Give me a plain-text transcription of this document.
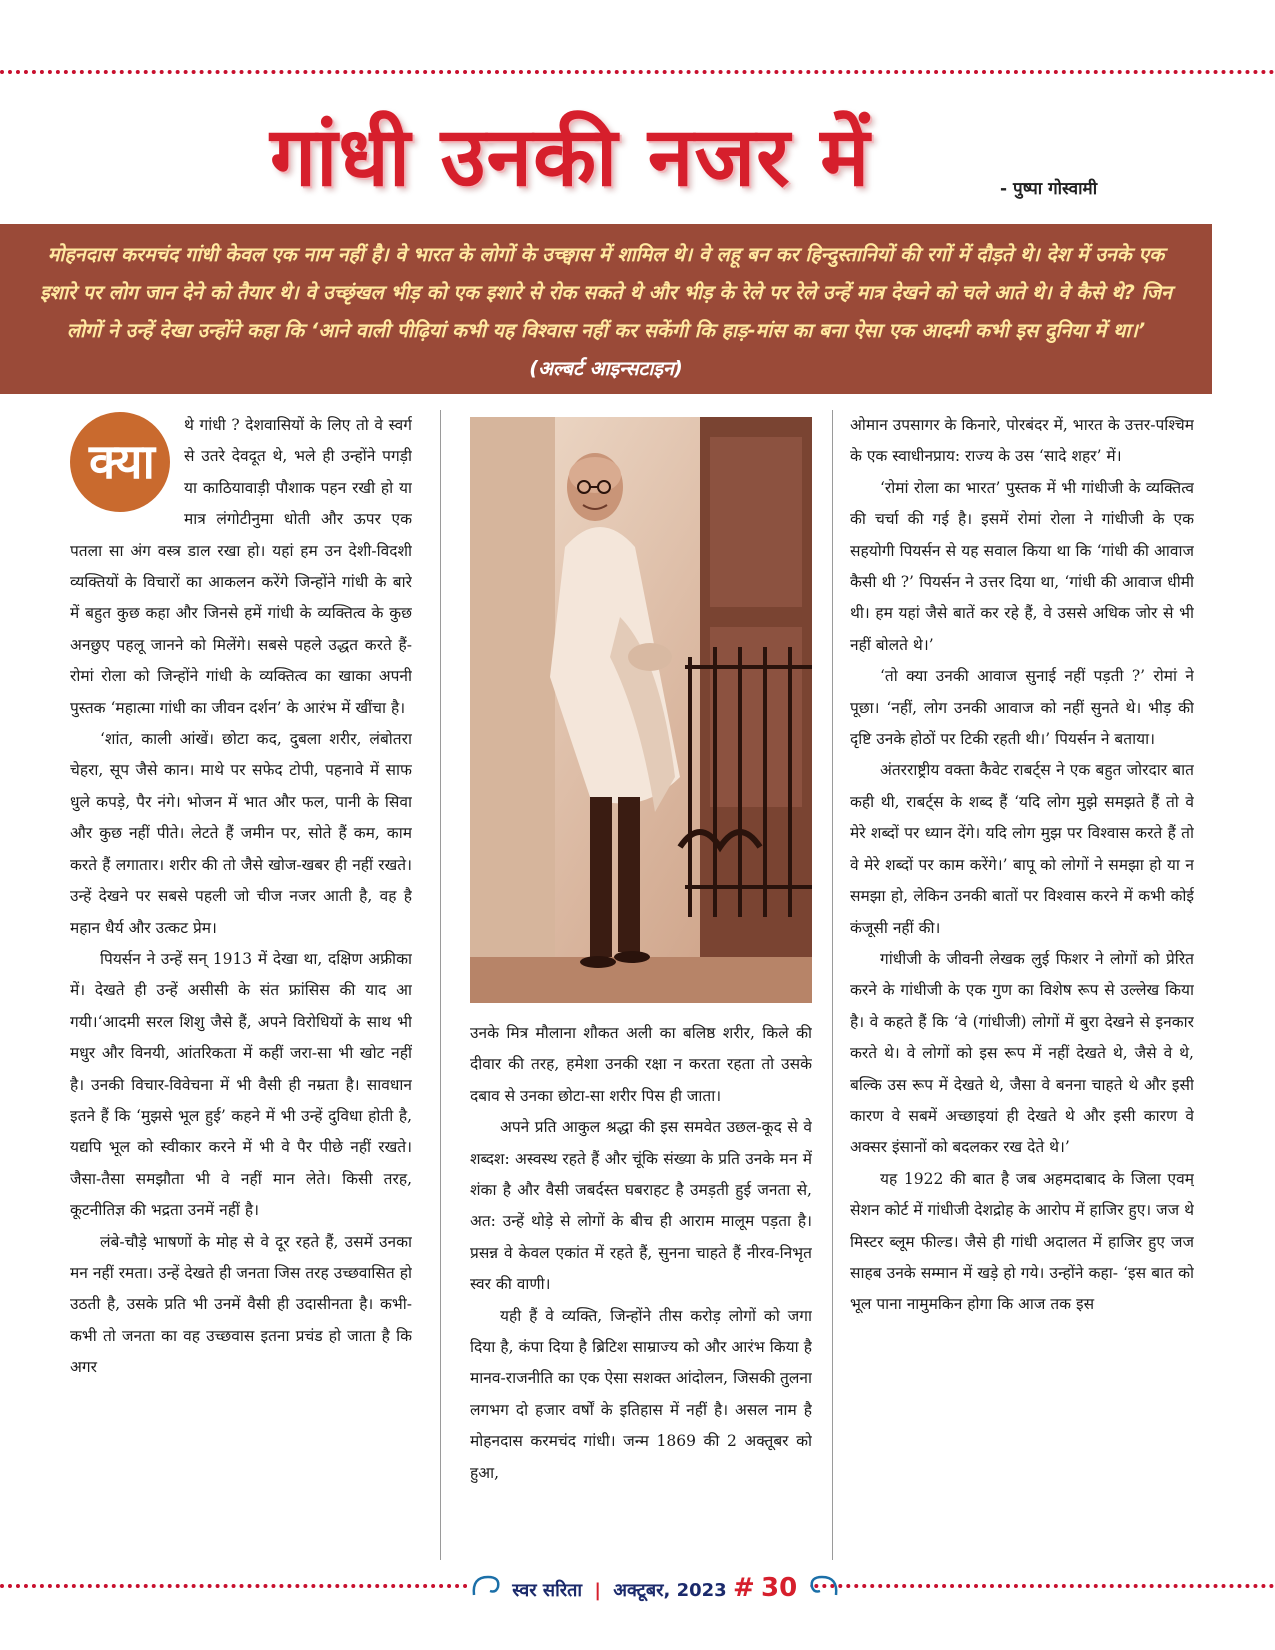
गांधी उनकी नजर में	- पुष्पा गोस्वामी

मोहनदास करमचंद गांधी केवल एक नाम नहीं है। वे भारत के लोगों के उच्छ्वास में शामिल थे। वे लहू बन कर हिन्दुस्तानियों की रगों में दौड़ते थे। देश में उनके एक इशारे पर लोग जान देने को तैयार थे। वे उच्छृंखल भीड़ को एक इशारे से रोक सकते थे और भीड़ के रेले पर रेले उन्हें मात्र देखने को चले आते थे। वे कैसे थे? जिन लोगों ने उन्हें देखा उन्होंने कहा कि ‘आने वाली पीढ़ियां कभी यह विश्वास नहीं कर सकेंगी कि हाड़-मांस का बना ऐसा एक आदमी कभी इस दुनिया में था।’ (अल्बर्ट आइन्सटाइन)

क्या

थे गांधी ? देशवासियों के लिए तो वे स्वर्ग से उतरे देवदूत थे, भले ही उन्होंने पगड़ी या काठियावाड़ी पौशाक पहन रखी हो या मात्र लंगोटीनुमा धोती और ऊपर एक पतला सा अंग वस्त्र डाल रखा हो। यहां हम उन देशी-विदशी व्यक्तियों के विचारों का आकलन करेंगे जिन्होंने गांधी के बारे में बहुत कुछ कहा और जिनसे हमें गांधी के व्यक्तित्व के कुछ अनछुए पहलू जानने को मिलेंगे। सबसे पहले उद्धत करते हैं- रोमां रोला को जिन्होंने गांधी के व्यक्तित्व का खाका अपनी पुस्तक ‘महात्मा गांधी का जीवन दर्शन’ के आरंभ में खींचा है।

‘शांत, काली आंखें। छोटा कद, दुबला शरीर, लंबोतरा चेहरा, सूप जैसे कान। माथे पर सफेद टोपी, पहनावे में साफ धुले कपड़े, पैर नंगे। भोजन में भात और फल, पानी के सिवा और कुछ नहीं पीते। लेटते हैं जमीन पर, सोते हैं कम, काम करते हैं लगातार। शरीर की तो जैसे खोज-खबर ही नहीं रखते। उन्हें देखने पर सबसे पहली जो चीज नजर आती है, वह है महान धैर्य और उत्कट प्रेम।

पियर्सन ने उन्हें सन् 1913 में देखा था, दक्षिण अफ्रीका में। देखते ही उन्हें असीसी के संत फ्रांसिस की याद आ गयी।‘आदमी सरल शिशु जैसे हैं, अपने विरोधियों के साथ भी मधुर और विनयी, आंतरिकता में कहीं जरा-सा भी खोट नहीं है। उनकी विचार-विवेचना में भी वैसी ही नम्रता है। सावधान इतने हैं कि ‘मुझसे भूल हुई’ कहने में भी उन्हें दुविधा होती है, यद्यपि भूल को स्वीकार करने में भी वे पैर पीछे नहीं रखते। जैसा-तैसा समझौता भी वे नहीं मान लेते। किसी तरह, कूटनीतिज्ञ की भद्रता उनमें नहीं है।

लंबे-चौड़े भाषणों के मोह से वे दूर रहते हैं, उसमें उनका मन नहीं रमता। उन्हें देखते ही जनता जिस तरह उच्छवासित हो उठती है, उसके प्रति भी उनमें वैसी ही उदासीनता है। कभी-कभी तो जनता का वह उच्छवास इतना प्रचंड हो जाता है कि अगर

उनके मित्र मौलाना शौकत अली का बलिष्ठ शरीर, किले की दीवार की तरह, हमेशा उनकी रक्षा न करता रहता तो उसके दबाव से उनका छोटा-सा शरीर पिस ही जाता।

अपने प्रति आकुल श्रद्धा की इस समवेत उछल-कूद से वे शब्दश: अस्वस्थ रहते हैं और चूंकि संख्या के प्रति उनके मन में शंका है और वैसी जबर्दस्त घबराहट है उमड़ती हुई जनता से, अत: उन्हें थोड़े से लोगों के बीच ही आराम मालूम पड़ता है। प्रसन्न वे केवल एकांत में रहते हैं, सुनना चाहते हैं नीरव-निभृत स्वर की वाणी।

यही हैं वे व्यक्ति, जिन्होंने तीस करोड़ लोगों को जगा दिया है, कंपा दिया है ब्रिटिश साम्राज्य को और आरंभ किया है मानव-राजनीति का एक ऐसा सशक्त आंदोलन, जिसकी तुलना लगभग दो हजार वर्षों के इतिहास में नहीं है। असल नाम है मोहनदास करमचंद गांधी। जन्म 1869 की 2 अक्तूबर को हुआ,

ओमान उपसागर के किनारे, पोरबंदर में, भारत के उत्तर-पश्चिम के एक स्वाधीनप्राय: राज्य के उस ‘सादे शहर’ में।

‘रोमां रोला का भारत’ पुस्तक में भी गांधीजी के व्यक्तित्व की चर्चा की गई है। इसमें रोमां रोला ने गांधीजी के एक सहयोगी पियर्सन से यह सवाल किया था कि ‘गांधी की आवाज कैसी थी ?’ पियर्सन ने उत्तर दिया था, ‘गांधी की आवाज धीमी थी। हम यहां जैसे बातें कर रहे हैं, वे उससे अधिक जोर से भी नहीं बोलते थे।’

‘तो क्या उनकी आवाज सुनाई नहीं पड़ती ?’ रोमां ने पूछा। ‘नहीं, लोग उनकी आवाज को नहीं सुनते थे। भीड़ की दृष्टि उनके होठों पर टिकी रहती थी।’ पियर्सन ने बताया।

अंतरराष्ट्रीय वक्ता कैवेट राबर्ट्स ने एक बहुत जोरदार बात कही थी, राबर्ट्स के शब्द हैं ‘यदि लोग मुझे समझते हैं तो वे मेरे शब्दों पर ध्यान देंगे। यदि लोग मुझ पर विश्वास करते हैं तो वे मेरे शब्दों पर काम करेंगे।’ बापू को लोगों ने समझा हो या न समझा हो, लेकिन उनकी बातों पर विश्वास करने में कभी कोई कंजूसी नहीं की।

गांधीजी के जीवनी लेखक लुई फिशर ने लोगों को प्रेरित करने के गांधीजी के एक गुण का विशेष रूप से उल्लेख किया है। वे कहते हैं कि ‘वे (गांधीजी) लोगों में बुरा देखने से इनकार करते थे। वे लोगों को इस रूप में नहीं देखते थे, जैसे वे थे, बल्कि उस रूप में देखते थे, जैसा वे बनना चाहते थे और इसी कारण वे सबमें अच्छाइयां ही देखते थे और इसी कारण वे अक्सर इंसानों को बदलकर रख देते थे।’

यह 1922 की बात है जब अहमदाबाद के जिला एवम् सेशन कोर्ट में गांधीजी देशद्रोह के आरोप में हाजिर हुए। जज थे मिस्टर ब्लूम फील्ड। जैसे ही गांधी अदालत में हाजिर हुए जज साहब उनके सम्मान में खड़े हो गये। उन्होंने कहा- ‘इस बात को भूल पाना नामुमकिन होगा कि आज तक इस

स्वर सरिता | अक्टूबर, 2023 # 30
